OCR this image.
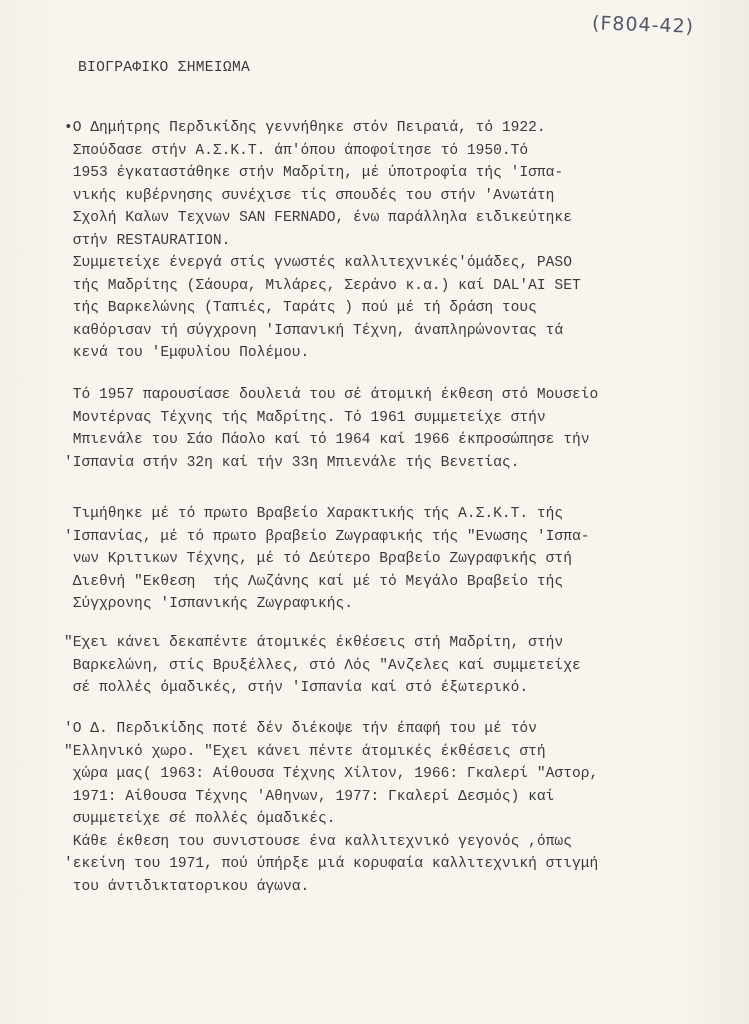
(F804-42)
ΒΙΟΓΡΑΦΙΚΟ ΣΗΜΕΙΩΜΑ
•Ο Δημήτρης Περδικίδης γεννήθηκε στόν Πειραιά, τό 1922.
Σπούδασε στήν Α.Σ.Κ.Τ. άπ'όπου άποφοίτησε τό 1950.Τό
1953 έγκαταστάθηκε στήν Μαδρίτη, μέ ύποτροφία τής 'Ισπα-
νικής κυβέρνησης συνέχισε τίς σπουδές του στήν 'Ανωτάτη
Σχολή Καλων Τεχνων SAN FERNADO, ένω παράλληλα ειδικεύτηκε
στήν RESTAURATION.
Συμμετείχε ένεργά στίς γνωστές καλλιτεχνικές'όμάδες, PASO
τής Μαδρίτης (Σάουρα, Μιλάρες, Σεράνο κ.α.) καί DAL'AI SET
τής Βαρκελώνης (Ταπιές, Ταράτς ) πού μέ τή δράση τους
καθόρισαν τή σύγχρονη 'Ισπανική Τέχνη, άναπληρώνοντας τά
κενά του 'Εμφυλίου Πολέμου.
Τό 1957 παρουσίασε δουλειά του σέ άτομική έκθεση στό Μουσείο
Μοντέρνας Τέχνης τής Μαδρίτης. Τό 1961 συμμετείχε στήν
Μπιενάλε του Σάο Πάολο καί τό 1964 καί 1966 έκπροσώπησε τήν
'Ισπανία στήν 32η καί τήν 33η Μπιενάλε τής Βενετίας.
Τιμήθηκε μέ τό πρωτο Βραβείο Χαρακτικής τής Α.Σ.Κ.Τ. τής
'Ισπανίας, μέ τό πρωτο βραβείο Ζωγραφικής τής "Ενωσης 'Ισπα-
νων Κριτικων Τέχνης, μέ τό Δεύτερο Βραβείο Ζωγραφικής στή
Διεθνή "Εκθεση  τής Λωζάνης καί μέ τό Μεγάλο Βραβείο τής
Σύγχρονης 'Ισπανικής Ζωγραφικής.
"Εχει κάνει δεκαπέντε άτομικές έκθέσεις στή Μαδρίτη, στήν
Βαρκελώνη, στίς Βρυξέλλες, στό Λός "Ανζελες καί συμμετείχε
σέ πολλές όμαδικές, στήν 'Ισπανία καί στό έξωτερικό.
'Ο Δ. Περδικίδης ποτέ δέν διέκοψε τήν έπαφή του μέ τόν
"Ελληνικό χωρο. "Εχει κάνει πέντε άτομικές έκθέσεις στή
χώρα μας( 1963: Αίθουσα Τέχνης Χίλτον, 1966: Γκαλερί "Αστορ,
1971: Αίθουσα Τέχνης 'Αθηνων, 1977: Γκαλερί Δεσμός) καί
συμμετείχε σέ πολλές όμαδικές.
Κάθε έκθεση του συνιστουσε ένα καλλιτεχνικό γεγονός ,όπως
'εκείνη του 1971, πού ύπήρξε μιά κορυφαία καλλιτεχνική στιγμή
του άντιδικτατορικου άγωνα.
